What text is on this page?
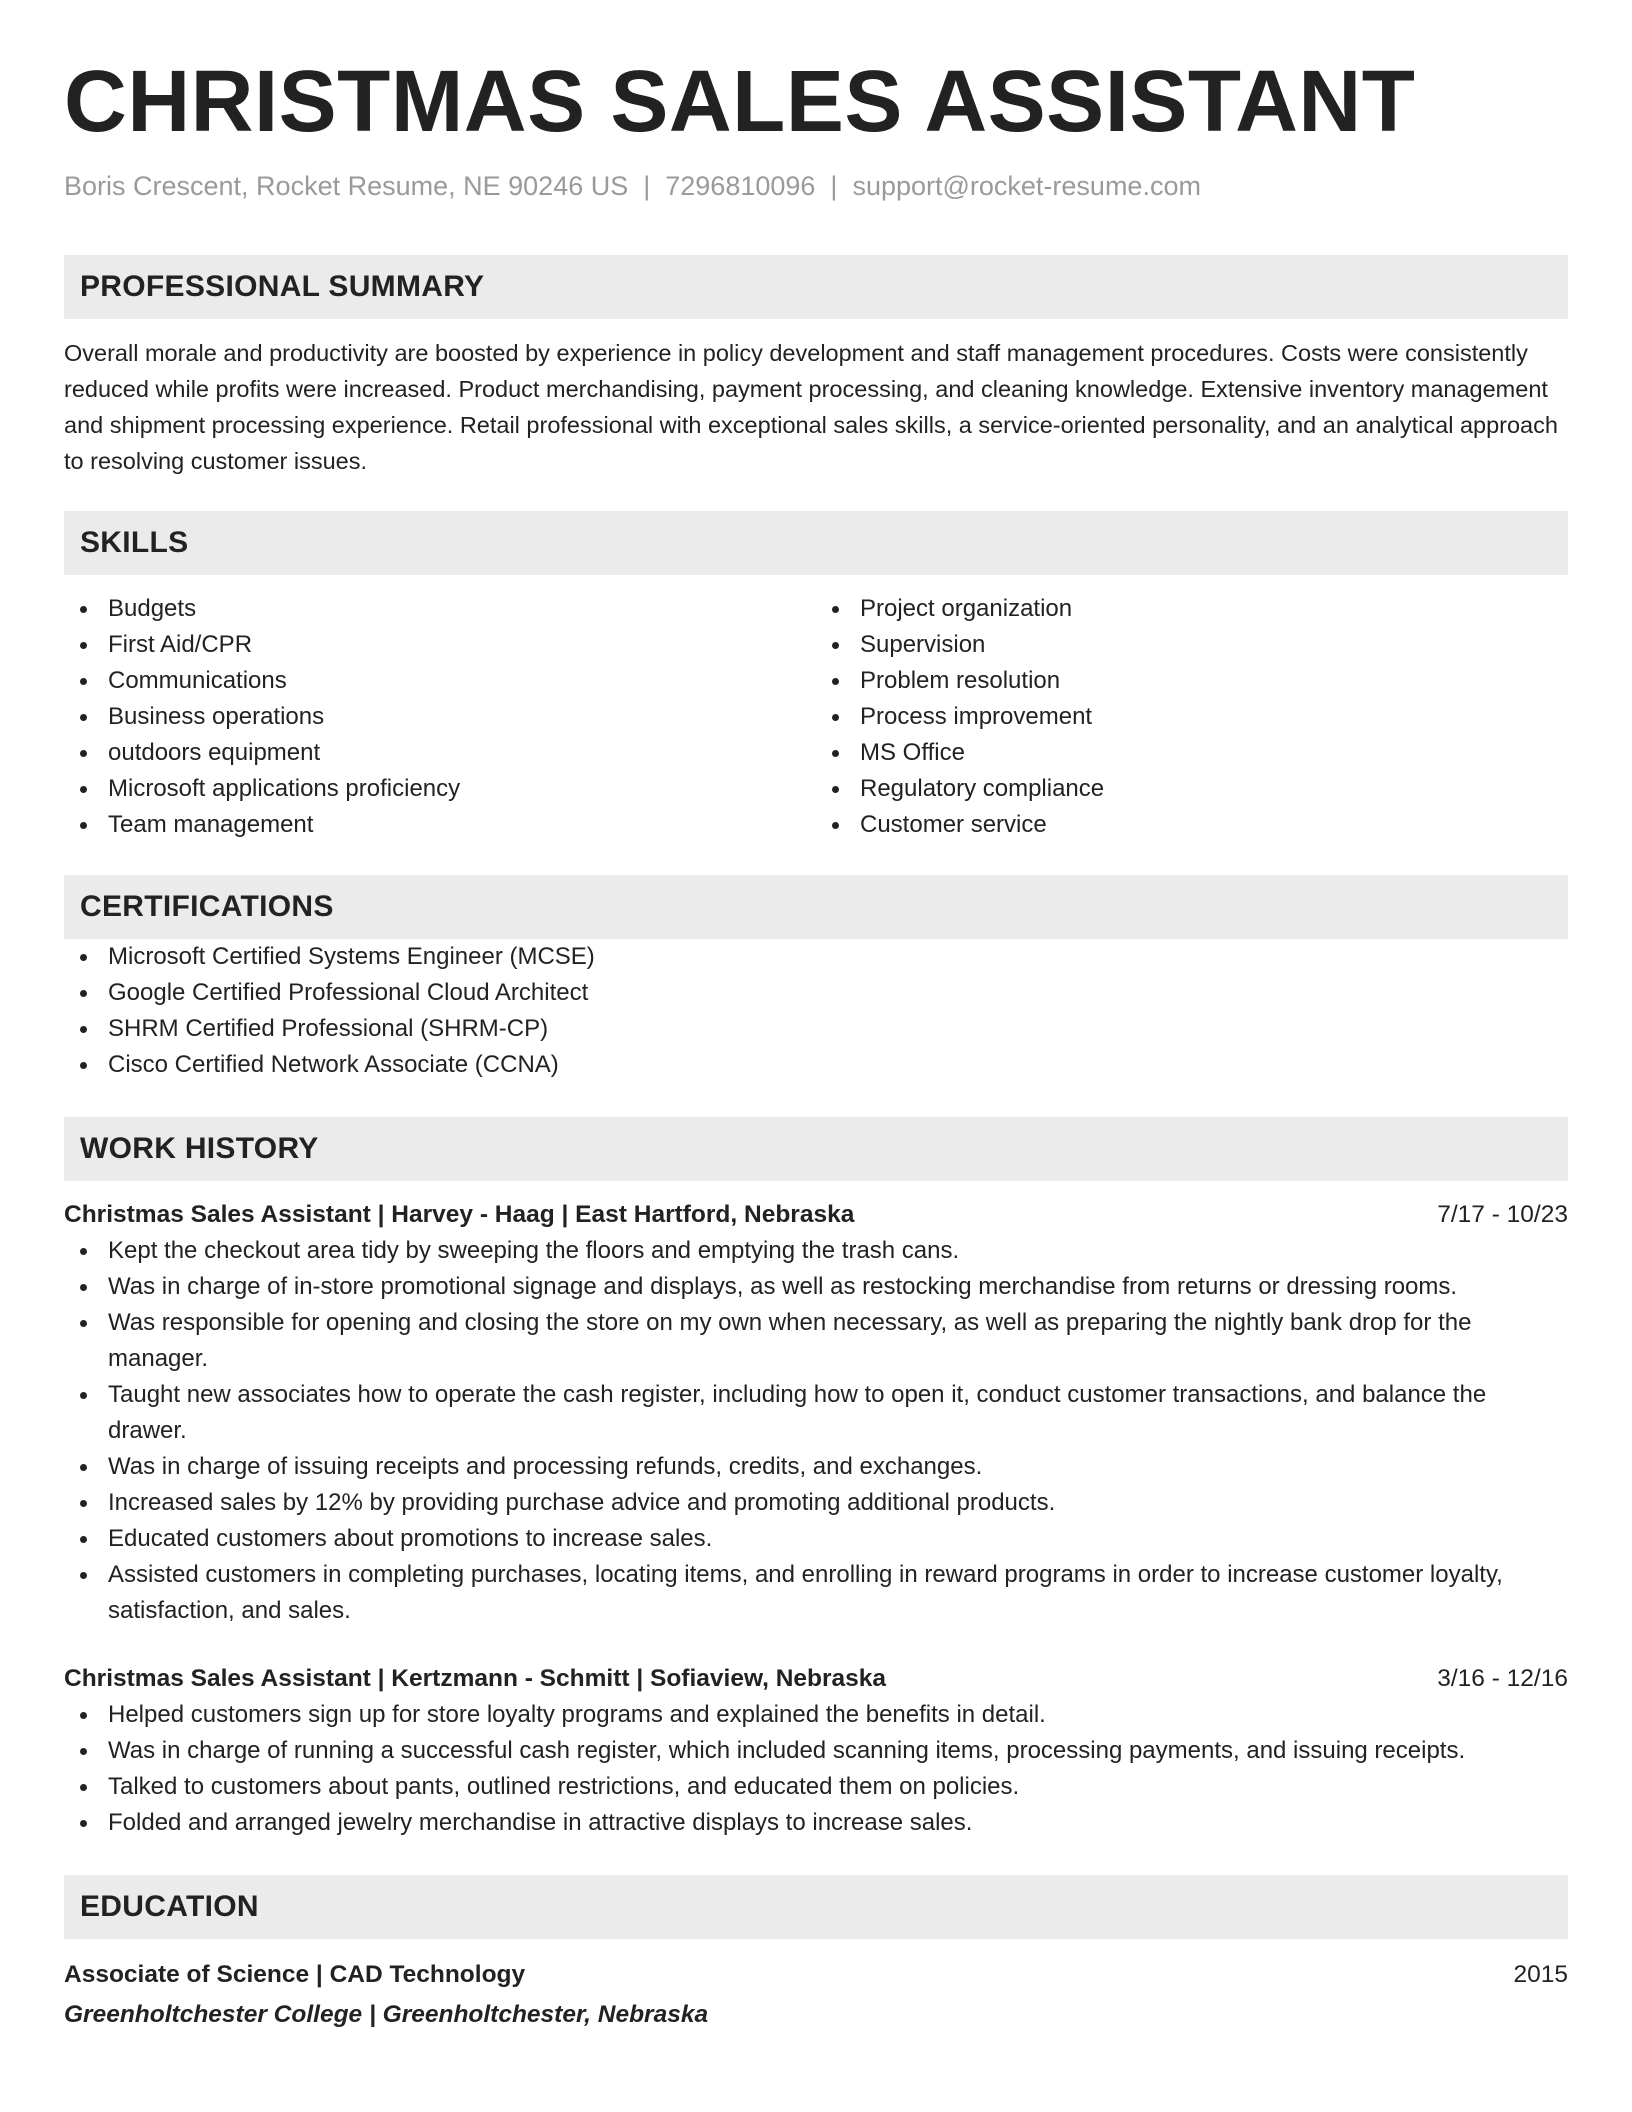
CHRISTMAS SALES ASSISTANT
Boris Crescent, Rocket Resume, NE 90246 US | 7296810096 | support@rocket-resume.com
PROFESSIONAL SUMMARY
Overall morale and productivity are boosted by experience in policy development and staff management procedures. Costs were consistently reduced while profits were increased. Product merchandising, payment processing, and cleaning knowledge. Extensive inventory management and shipment processing experience. Retail professional with exceptional sales skills, a service-oriented personality, and an analytical approach to resolving customer issues.
SKILLS
Budgets
First Aid/CPR
Communications
Business operations
outdoors equipment
Microsoft applications proficiency
Team management
Project organization
Supervision
Problem resolution
Process improvement
MS Office
Regulatory compliance
Customer service
CERTIFICATIONS
Microsoft Certified Systems Engineer (MCSE)
Google Certified Professional Cloud Architect
SHRM Certified Professional (SHRM-CP)
Cisco Certified Network Associate (CCNA)
WORK HISTORY
Christmas Sales Assistant | Harvey - Haag | East Hartford, Nebraska	7/17 - 10/23
Kept the checkout area tidy by sweeping the floors and emptying the trash cans.
Was in charge of in-store promotional signage and displays, as well as restocking merchandise from returns or dressing rooms.
Was responsible for opening and closing the store on my own when necessary, as well as preparing the nightly bank drop for the manager.
Taught new associates how to operate the cash register, including how to open it, conduct customer transactions, and balance the drawer.
Was in charge of issuing receipts and processing refunds, credits, and exchanges.
Increased sales by 12% by providing purchase advice and promoting additional products.
Educated customers about promotions to increase sales.
Assisted customers in completing purchases, locating items, and enrolling in reward programs in order to increase customer loyalty, satisfaction, and sales.
Christmas Sales Assistant | Kertzmann - Schmitt | Sofiaview, Nebraska	3/16 - 12/16
Helped customers sign up for store loyalty programs and explained the benefits in detail.
Was in charge of running a successful cash register, which included scanning items, processing payments, and issuing receipts.
Talked to customers about pants, outlined restrictions, and educated them on policies.
Folded and arranged jewelry merchandise in attractive displays to increase sales.
EDUCATION
Associate of Science | CAD Technology	2015
Greenholtchester College | Greenholtchester, Nebraska
